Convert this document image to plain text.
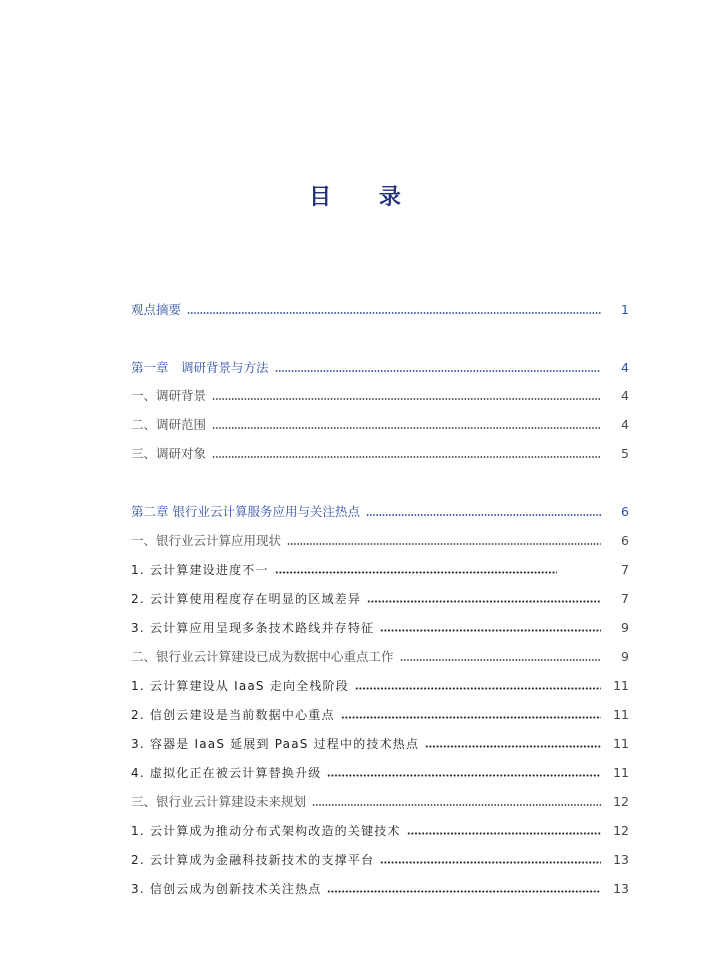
目 录
观点摘要	1
第一章　调研背景与方法	4
一、调研背景	4
二、调研范围	4
三、调研对象	5
第二章 银行业云计算服务应用与关注热点	6
一、银行业云计算应用现状	6
1. 云计算建设进度不一	7
2. 云计算使用程度存在明显的区域差异	7
3. 云计算应用呈现多条技术路线并存特征	9
二、银行业云计算建设已成为数据中心重点工作	9
1. 云计算建设从 IaaS 走向全栈阶段	11
2. 信创云建设是当前数据中心重点	11
3. 容器是 IaaS 延展到 PaaS 过程中的技术热点	11
4. 虚拟化正在被云计算替换升级	11
三、银行业云计算建设未来规划	12
1. 云计算成为推动分布式架构改造的关键技术	12
2. 云计算成为金融科技新技术的支撑平台	13
3. 信创云成为创新技术关注热点	13
